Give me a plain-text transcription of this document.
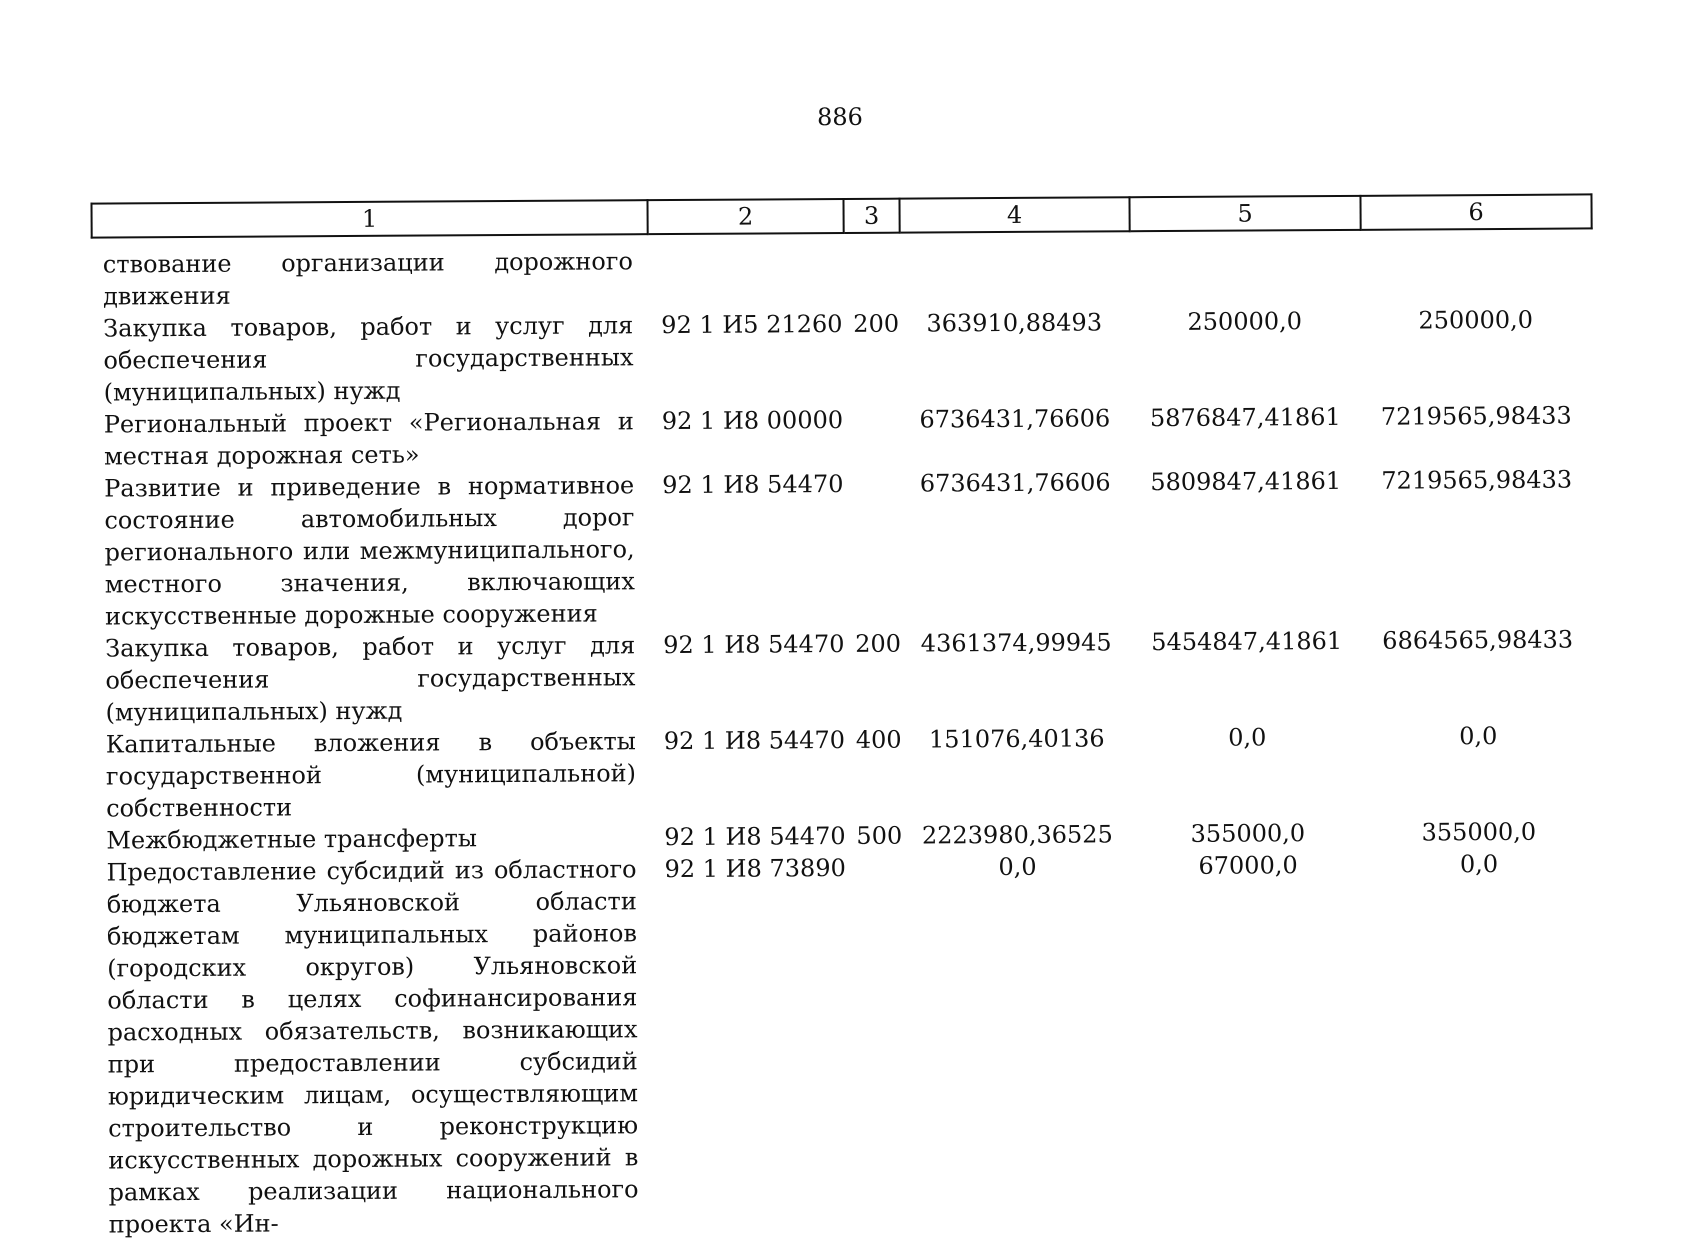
886
1	2	3	4	5	6
ствование организации дорожного движения					
Закупка товаров, работ и услуг для обеспечения государственных (муниципальных) нужд	92 1 И5 21260	200	363910,88493	250000,0	250000,0
Региональный проект «Региональная и местная дорожная сеть»	92 1 И8 00000		6736431,76606	5876847,41861	7219565,98433
Развитие и приведение в нормативное состояние автомобильных дорог регионального или межмуниципального, местного значения, включающих искусственные дорожные сооружения	92 1 И8 54470		6736431,76606	5809847,41861	7219565,98433
Закупка товаров, работ и услуг для обеспечения государственных (муниципальных) нужд	92 1 И8 54470	200	4361374,99945	5454847,41861	6864565,98433
Капитальные вложения в объекты государственной (муниципальной) собственности	92 1 И8 54470	400	151076,40136	0,0	0,0
Межбюджетные трансферты	92 1 И8 54470	500	2223980,36525	355000,0	355000,0
Предоставление субсидий из областного бюджета Ульяновской области бюджетам муниципальных районов (городских округов) Ульяновской области в целях софинансирования расходных обязательств, возникающих при предоставлении субсидий юридическим лицам, осуществляющим строительство и реконструкцию искусственных дорожных сооружений в рамках реализации национального проекта «Ин-	92 1 И8 73890		0,0	67000,0	0,0
